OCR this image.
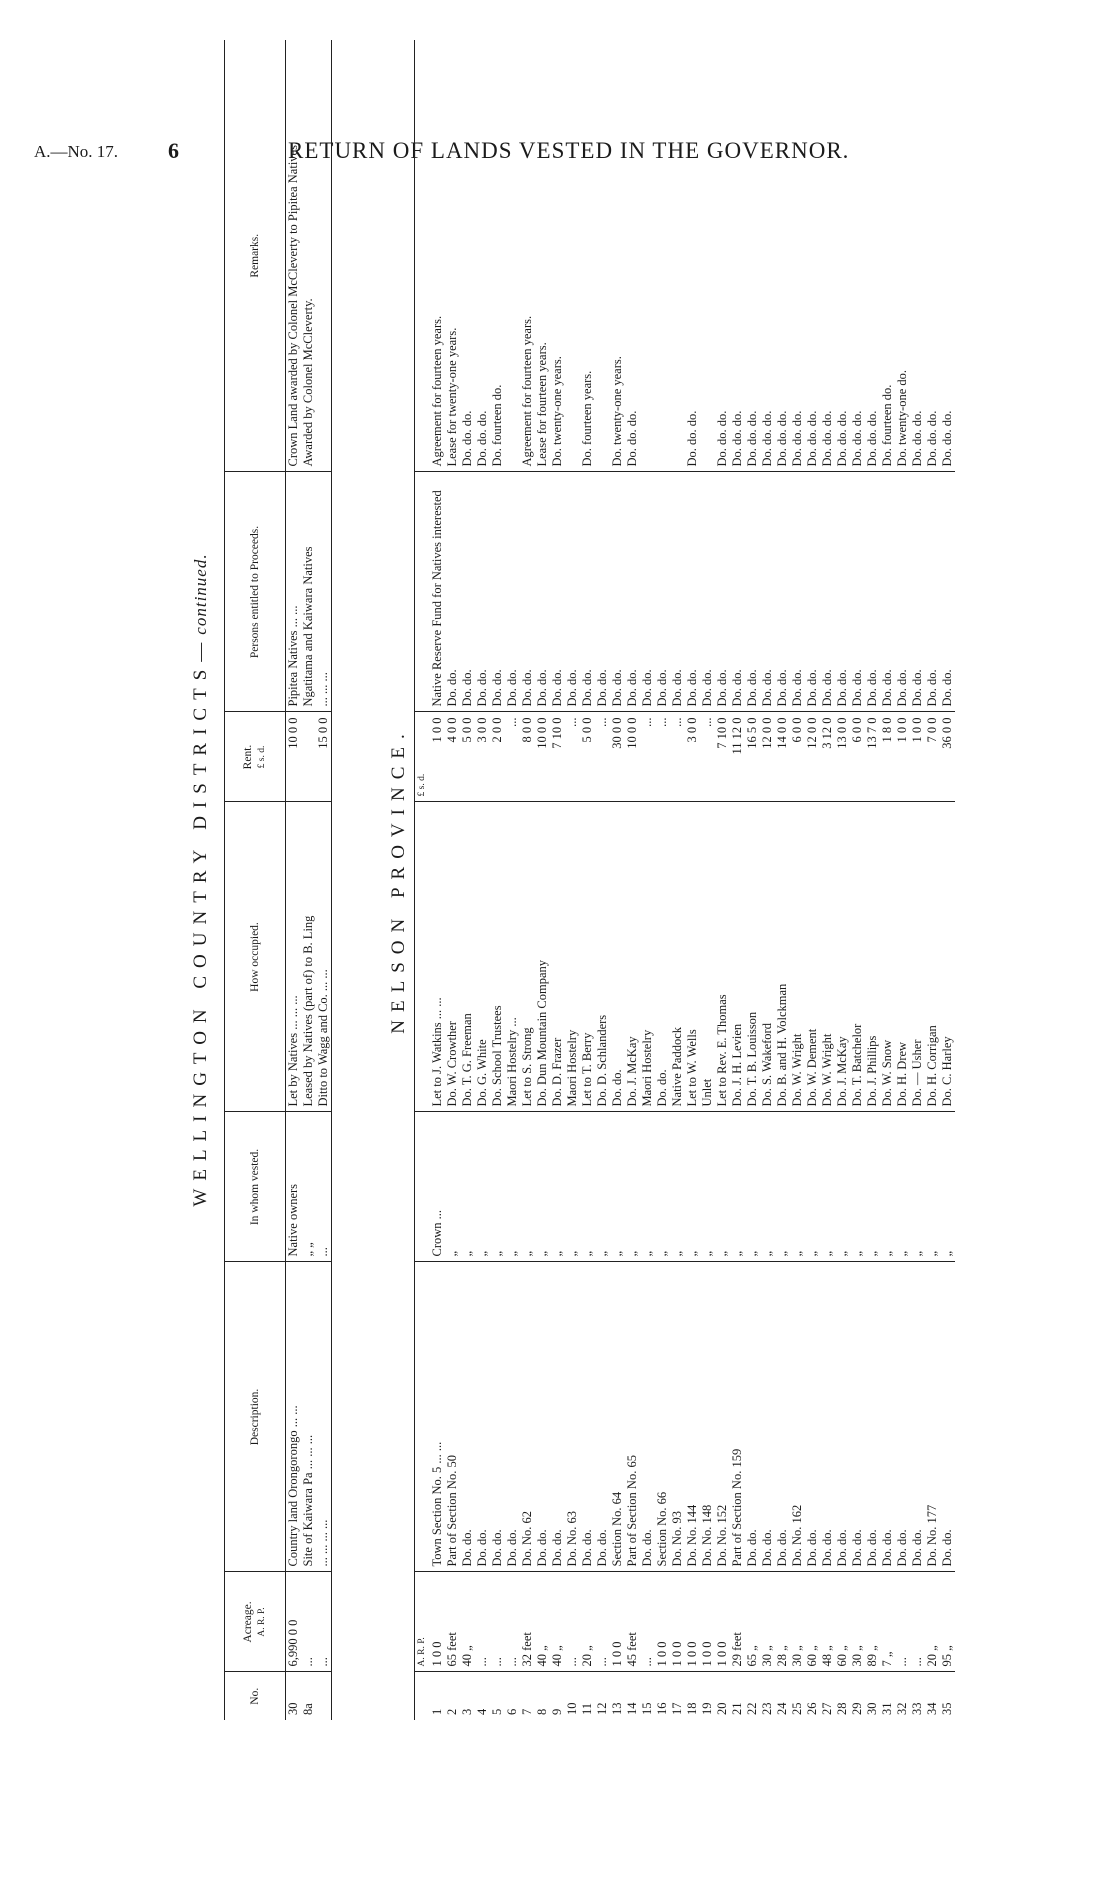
A.—No. 17. 6	RETURN OF LANDS VESTED IN THE GOVERNOR.
WELLINGTON COUNTRY DISTRICTS—continued.
No.	Acreage. A. R. P.	Description.	In whom vested.	How occupied.	Rent. £ s. d.	Persons entitled to Proceeds.	Remarks.
30	6,990 0 0	Country land Orongorongo ... ...	Native owners	Let by Natives ... ... ...	10 0 0	Pipitea Natives ... ...	Crown Land awarded by Colonel McCleverty to Pipitea Natives.
8a	...	Site of Kaiwara Pa ... ... ...	„ „	Leased by Natives (part of) to B. Ling		Ngatitama and Kaiwara Natives	Awarded by Colonel McCleverty.
	...	... ... ... ...	...	Ditto to Wagg and Co. ... ...	15 0 0	... ... ...	
NELSON PROVINCE.
	A. R. P.				£ s. d.		
1	1 0 0	Town Section No. 5 ... ...	Crown ...	Let to J. Watkins ... ...	1 0 0	Native Reserve Fund for Natives interested	Agreement for fourteen years.
2	65 feet	Part of Section No. 50	„	Do. W. Crowther	4 0 0	Do. do.	Lease for twenty-one years.
3	40 „	Do. do.	„	Do. T. G. Freeman	5 0 0	Do. do.	Do. do. do.
4	...	Do. do.	„	Do. G. White	3 0 0	Do. do.	Do. do. do.
5	...	Do. do.	„	Do. School Trustees	2 0 0	Do. do.	Do. fourteen do.
6	...	Do. do.	„	Maori Hostelry ...	...	Do. do.	
7	32 feet	Do. No. 62	„	Let to S. Strong	8 0 0	Do. do.	Agreement for fourteen years.
8	40 „	Do. do.	„	Do. Dun Mountain Company	10 0 0	Do. do.	Lease for fourteen years.
9	40 „	Do. do.	„	Do. D. Frazer	7 10 0	Do. do.	Do. twenty-one years.
10	...	Do. No. 63	„	Maori Hostelry	...	Do. do.	
11	20 „	Do. do.	„	Let to T. Berry	5 0 0	Do. do.	Do. fourteen years.
12	...	Do. do.	„	Do. D. Schlanders	...	Do. do.	
13	1 0 0	Section No. 64	„	Do. do.	30 0 0	Do. do.	Do. twenty-one years.
14	45 feet	Part of Section No. 65	„	Do. J. McKay	10 0 0	Do. do.	Do. do. do.
15	...	Do. do.	„	Maori Hostelry	...	Do. do.	
16	1 0 0	Section No. 66	„	Do. do.	...	Do. do.	
17	1 0 0	Do. No. 93	„	Native Paddock	...	Do. do.	
18	1 0 0	Do. No. 144	„	Let to W. Wells	3 0 0	Do. do.	Do. do. do.
19	1 0 0	Do. No. 148	„	Unlet	...	Do. do.	
20	1 0 0	Do. No. 152	„	Let to Rev. E. Thomas	7 10 0	Do. do.	Do. do. do.
21	29 feet	Part of Section No. 159	„	Do. J. H. Levien	11 12 0	Do. do.	Do. do. do.
22	65 „	Do. do.	„	Do. T. B. Louisson	16 5 0	Do. do.	Do. do. do.
23	30 „	Do. do.	„	Do. S. Wakeford	12 0 0	Do. do.	Do. do. do.
24	28 „	Do. do.	„	Do. B. and H. Volckman	14 0 0	Do. do.	Do. do. do.
25	30 „	Do. No. 162	„	Do. W. Wright	6 0 0	Do. do.	Do. do. do.
26	60 „	Do. do.	„	Do. W. Dement	12 0 0	Do. do.	Do. do. do.
27	48 „	Do. do.	„	Do. W. Wright	3 12 0	Do. do.	Do. do. do.
28	60 „	Do. do.	„	Do. J. McKay	13 0 0	Do. do.	Do. do. do.
29	30 „	Do. do.	„	Do. T. Batchelor	6 0 0	Do. do.	Do. do. do.
30	89 „	Do. do.	„	Do. J. Phillips	13 7 0	Do. do.	Do. do. do.
31	7 „	Do. do.	„	Do. W. Snow	1 8 0	Do. do.	Do. fourteen do.
32	...	Do. do.	„	Do. H. Drew	1 0 0	Do. do.	Do. twenty-one do.
33	...	Do. do.	„	Do. — Usher	1 0 0	Do. do.	Do. do. do.
34	20 „	Do. No. 177	„	Do. H. Corrigan	7 0 0	Do. do.	Do. do. do.
35	95 „	Do. do.	„	Do. C. Harley	36 0 0	Do. do.	Do. do. do.
